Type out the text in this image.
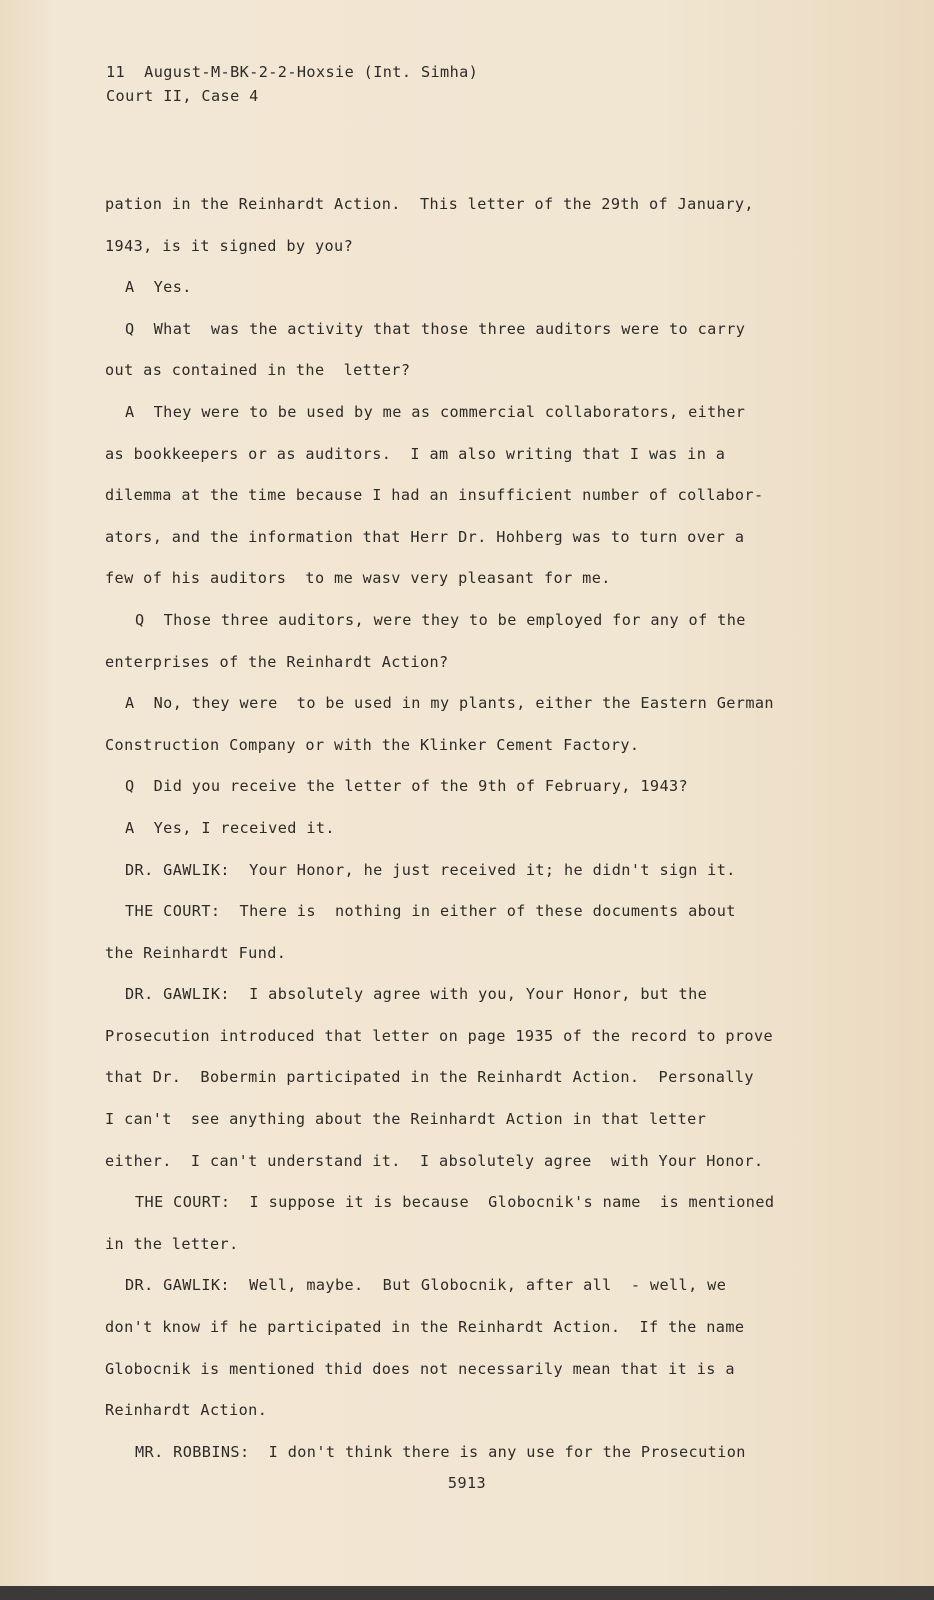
11  August-M-BK-2-2-Hoxsie (Int. Simha)
Court II, Case 4
pation in the Reinhardt Action.  This letter of the 29th of January,
1943, is it signed by you?
A  Yes.
Q  What  was the activity that those three auditors were to carry
out as contained in the  letter?
A  They were to be used by me as commercial collaborators, either
as bookkeepers or as auditors.  I am also writing that I was in a
dilemma at the time because I had an insufficient number of collabor-
ators, and the information that Herr Dr. Hohberg was to turn over a
few of his auditors  to me wasv very pleasant for me.
Q  Those three auditors, were they to be employed for any of the
enterprises of the Reinhardt Action?
A  No, they were  to be used in my plants, either the Eastern German
Construction Company or with the Klinker Cement Factory.
Q  Did you receive the letter of the 9th of February, 1943?
A  Yes, I received it.
DR. GAWLIK:  Your Honor, he just received it; he didn't sign it.
THE COURT:  There is  nothing in either of these documents about
the Reinhardt Fund.
DR. GAWLIK:  I absolutely agree with you, Your Honor, but the
Prosecution introduced that letter on page 1935 of the record to prove
that Dr.  Bobermin participated in the Reinhardt Action.  Personally
I can't  see anything about the Reinhardt Action in that letter
either.  I can't understand it.  I absolutely agree  with Your Honor.
THE COURT:  I suppose it is because  Globocnik's name  is mentioned
in the letter.
DR. GAWLIK:  Well, maybe.  But Globocnik, after all  - well, we
don't know if he participated in the Reinhardt Action.  If the name
Globocnik is mentioned thid does not necessarily mean that it is a
Reinhardt Action.
MR. ROBBINS:  I don't think there is any use for the Prosecution
5913
